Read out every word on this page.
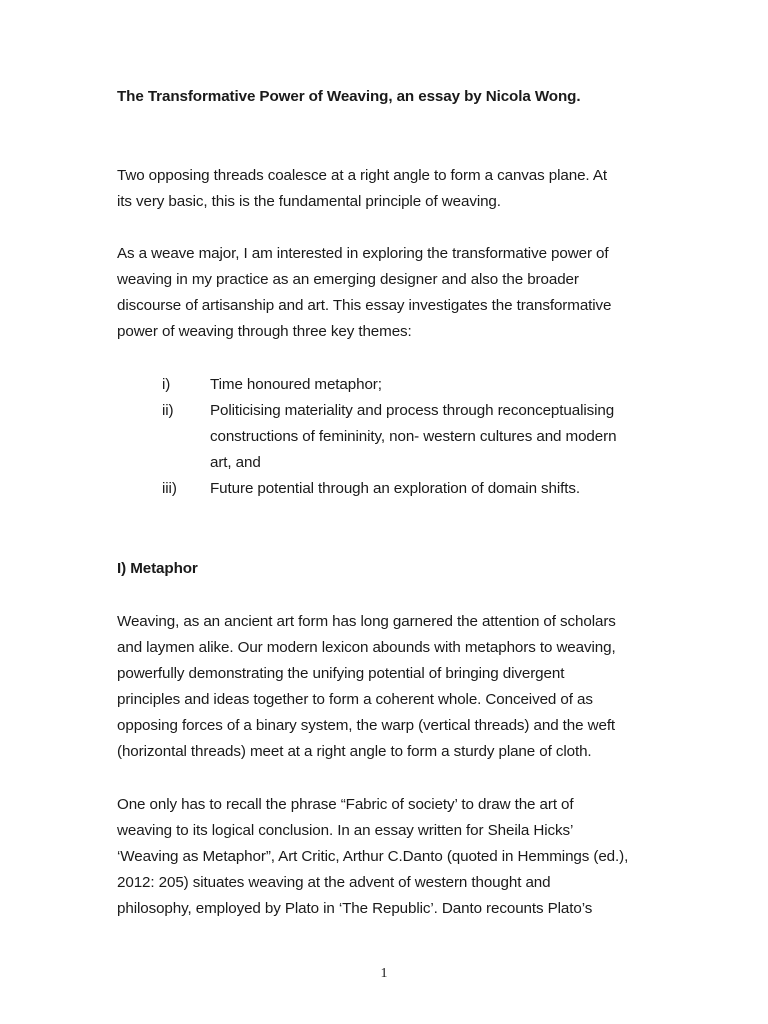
The Transformative Power of Weaving, an essay by Nicola Wong.
Two opposing threads coalesce at a right angle to form a canvas plane. At
its very basic, this is the fundamental principle of weaving.
As a weave major, I am interested in exploring the transformative power of
weaving in my practice as an emerging designer and also the broader
discourse of artisanship and art. This essay investigates the transformative
power of weaving through three key themes:
i)	Time honoured metaphor;
ii) Politicising materiality and process through reconceptualising
constructions of femininity, non- western cultures and modern
art, and
iii) Future potential through an exploration of domain shifts.
I) Metaphor
Weaving, as an ancient art form has long garnered the attention of scholars
and laymen alike. Our modern lexicon abounds with metaphors to weaving,
powerfully demonstrating the unifying potential of bringing divergent
principles and ideas together to form a coherent whole. Conceived of as
opposing forces of a binary system, the warp (vertical threads) and the weft
(horizontal threads) meet at a right angle to form a sturdy plane of cloth.
One only has to recall the phrase “Fabric of society’ to draw the art of
weaving to its logical conclusion. In an essay written for Sheila Hicks’
‘Weaving as Metaphor”, Art Critic, Arthur C.Danto (quoted in Hemmings (ed.),
2012: 205) situates weaving at the advent of western thought and
philosophy, employed by Plato in ‘The Republic’. Danto recounts Plato’s
1
